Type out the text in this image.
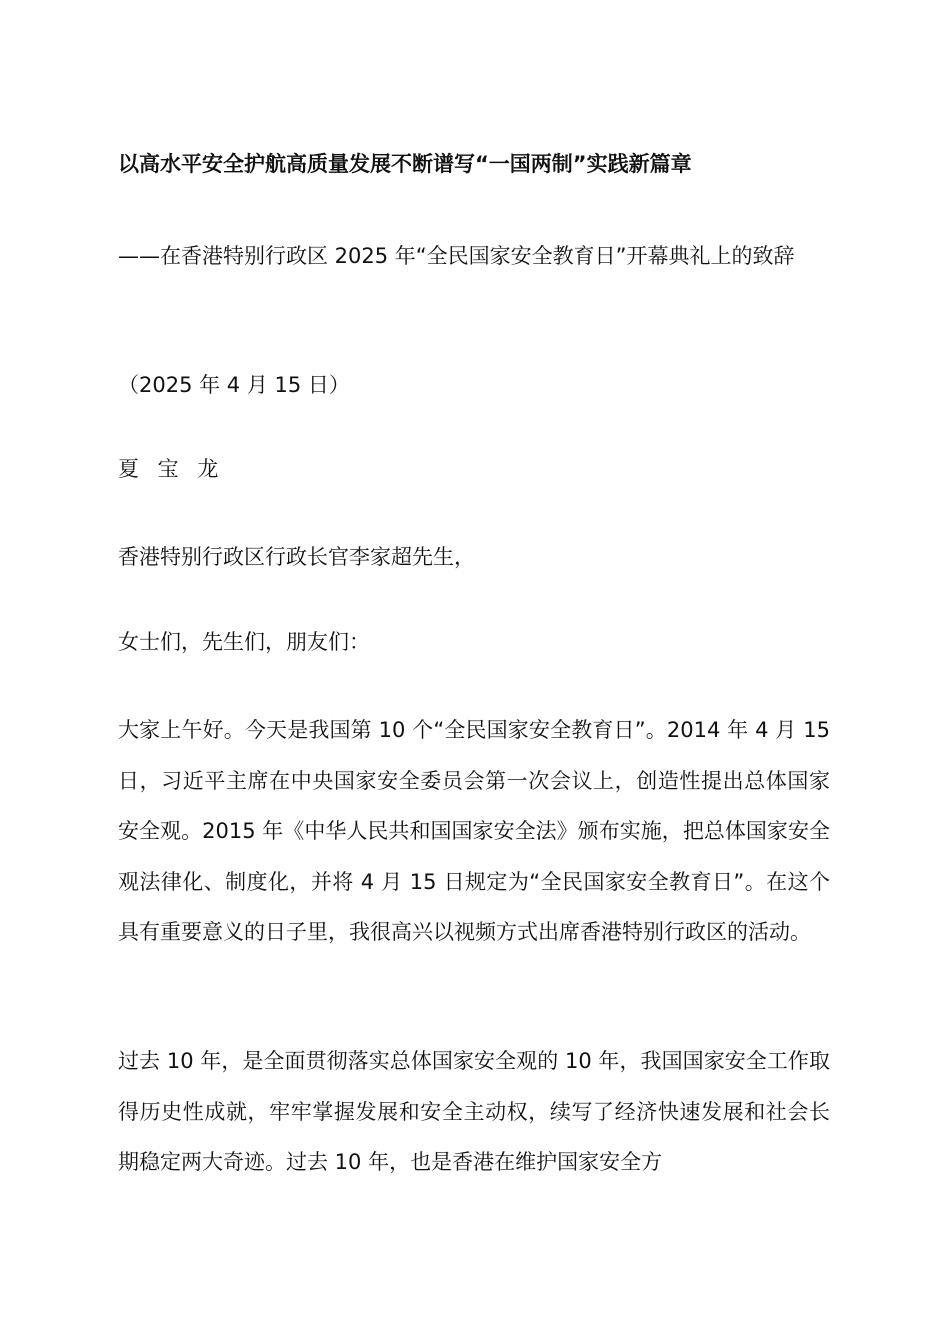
以高水平安全护航高质量发展不断谱写“一国两制”实践新篇章
——在香港特别行政区 2025 年“全民国家安全教育日”开幕典礼上的致辞
（2025 年 4 月 15 日）
夏 宝 龙
香港特别行政区行政长官李家超先生，
女士们，先生们，朋友们：
大家上午好。今天是我国第 10 个“全民国家安全教育日”。2014 年 4 月 15 日，习近平主席在中央国家安全委员会第一次会议上，创造性提出总体国家安全观。2015 年《中华人民共和国国家安全法》颁布实施，把总体国家安全观法律化、制度化，并将 4 月 15 日规定为“全民国家安全教育日”。在这个具有重要意义的日子里，我很高兴以视频方式出席香港特别行政区的活动。
过去 10 年，是全面贯彻落实总体国家安全观的 10 年，我国国家安全工作取得历史性成就，牢牢掌握发展和安全主动权，续写了经济快速发展和社会长期稳定两大奇迹。过去 10 年，也是香港在维护国家安全方
